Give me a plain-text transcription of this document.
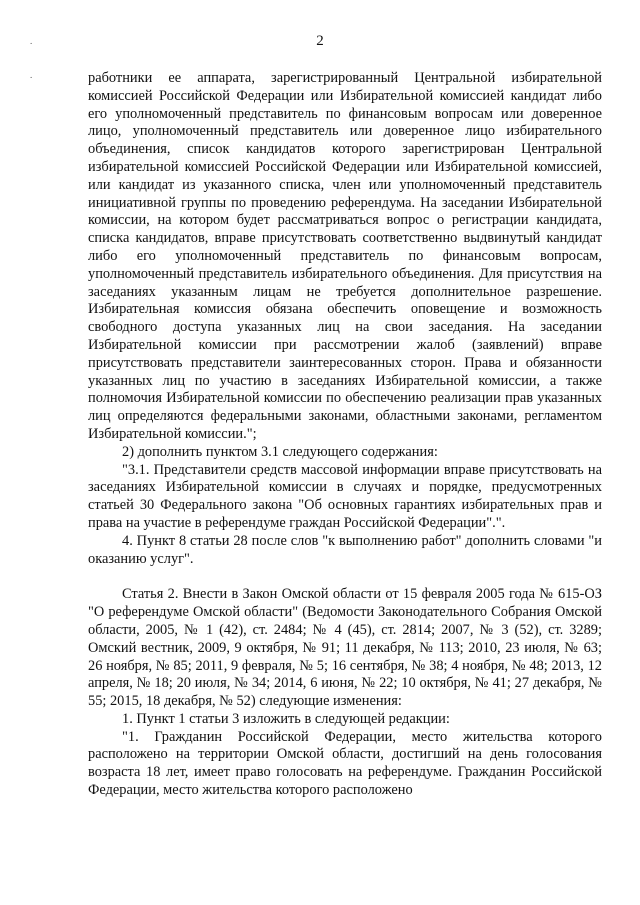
2
.
.	работники ее аппарата, зарегистрированный Центральной избирательной комиссией Российской Федерации или Избирательной комиссией кандидат либо его уполномоченный представитель по финансовым вопросам или доверенное лицо, уполномоченный представитель или доверенное лицо избирательного объединения, список кандидатов которого зарегистрирован Центральной избирательной комиссией Российской Федерации или Избирательной комиссией, или кандидат из указанного списка, член или уполномоченный представитель инициативной группы по проведению референдума. На заседании Избирательной комиссии, на котором будет рассматриваться вопрос о регистрации кандидата, списка кандидатов, вправе присутствовать соответственно выдвинутый кандидат либо его уполномоченный представитель по финансовым вопросам, уполномоченный представитель избирательного объединения. Для присутствия на заседаниях указанным лицам не требуется дополнительное разрешение. Избирательная комиссия обязана обеспечить оповещение и возможность свободного доступа указанных лиц на свои заседания. На заседании Избирательной комиссии при рассмотрении жалоб (заявлений) вправе присутствовать представители заинтересованных сторон. Права и обязанности указанных лиц по участию в заседаниях Избирательной комиссии, а также полномочия Избирательной комиссии по обеспечению реализации прав указанных лиц определяются федеральными законами, областными законами, регламентом Избирательной комиссии.";

2) дополнить пунктом 3.1 следующего содержания:

"3.1. Представители средств массовой информации вправе присутствовать на заседаниях Избирательной комиссии в случаях и порядке, предусмотренных статьей 30 Федерального закона "Об основных гарантиях избирательных прав и права на участие в референдуме граждан Российской Федерации".".

4. Пункт 8 статьи 28 после слов "к выполнению работ" дополнить словами "и оказанию услуг".

Статья 2. Внести в Закон Омской области от 15 февраля 2005 года № 615-ОЗ "О референдуме Омской области" (Ведомости Законодательного Собрания Омской области, 2005, № 1 (42), ст. 2484; № 4 (45), ст. 2814; 2007, № 3 (52), ст. 3289; Омский вестник, 2009, 9 октября, № 91; 11 декабря, № 113; 2010, 23 июля, № 63; 26 ноября, № 85; 2011, 9 февраля, № 5; 16 сентября, № 38; 4 ноября, № 48; 2013, 12 апреля, № 18; 20 июля, № 34; 2014, 6 июня, № 22; 10 октября, № 41; 27 декабря, № 55; 2015, 18 декабря, № 52) следующие изменения:

1. Пункт 1 статьи 3 изложить в следующей редакции:

"1. Гражданин Российской Федерации, место жительства которого расположено на территории Омской области, достигший на день голосования возраста 18 лет, имеет право голосовать на референдуме. Гражданин Российской Федерации, место жительства которого расположено
